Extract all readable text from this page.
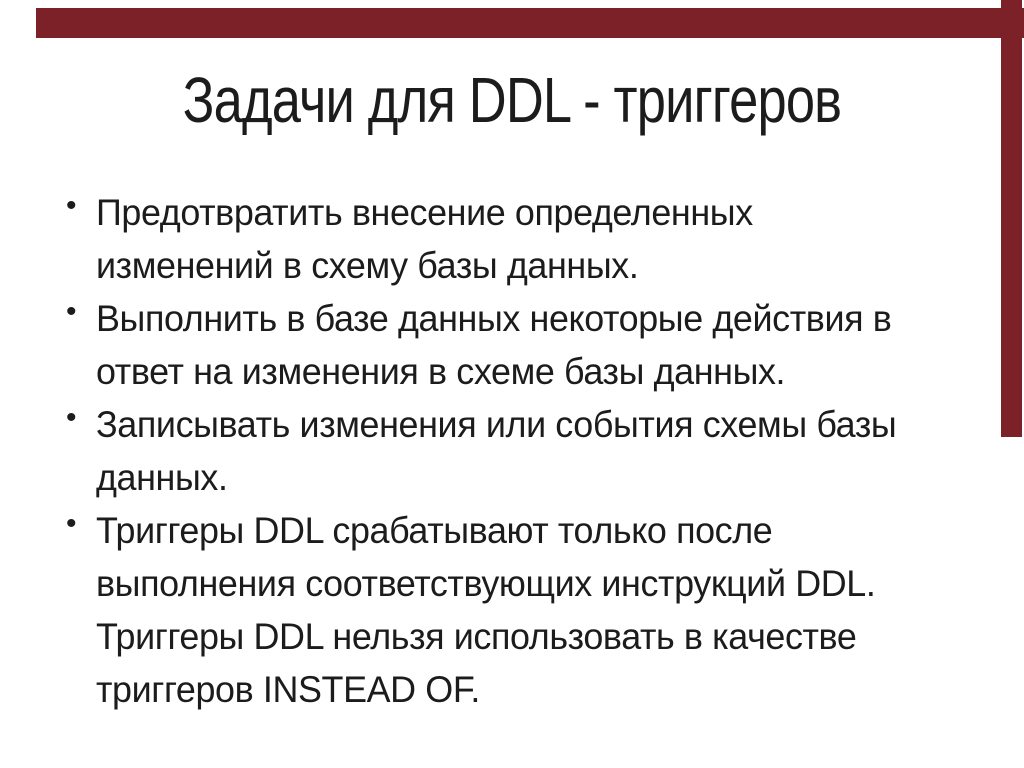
Задачи для DDL - триггеров
• Предотвратить внесение определенных
изменений в схему базы данных.
• Выполнить в базе данных некоторые действия в
ответ на изменения в схеме базы данных.
• Записывать изменения или события схемы базы
данных.
• Триггеры DDL срабатывают только после
выполнения соответствующих инструкций DDL.
Триггеры DDL нельзя использовать в качестве
триггеров INSTEAD OF.
